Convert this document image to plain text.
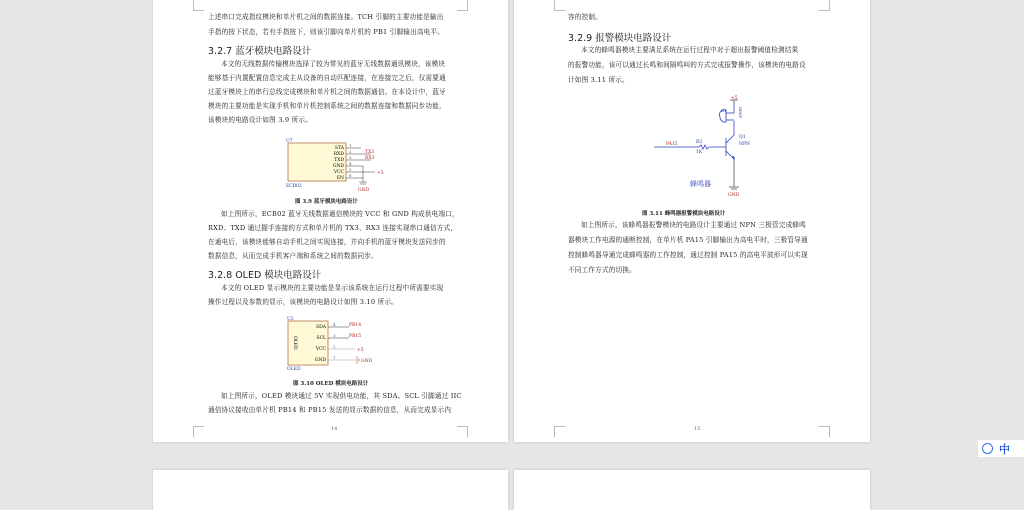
上述串口完成指纹模块和单片机之间的数据连接。TCH 引脚的主要功能是输出
手指的按下状态，若有手指按下，则该引脚向单片机的 PB1 引脚输出高电平。
3.2.7 蓝牙模块电路设计
本文的无线数据传输模块选择了较为常见的蓝牙无线数据通讯模块，该模块
能够基于内置配置信息完成主从设备的自动匹配连接，在连接完之后，仅需要通
过蓝牙模块上的串行总线完成模块和单片机之间的数据通信。在本设计中，蓝牙
模块的主要功能是实现手机和单片机控制系统之间的数据连接和数据同步功能，
该模块的电路设计如图 3.9 所示。
U7
ECB02
STA
RXD
TXD
GND
VCC
EN
1
2
3
4
5
6
TX3
RX3
+5
GND
图 3.9 蓝牙模块电路设计
如上图所示，ECB02 蓝牙无线数据通信模块的 VCC 和 GND 构成供电端口，
RXD、TXD 通过握手连接的方式和单片机的 TX3、RX3 连接实现串口通信方式，
在通电后，该模块能够自动手机之间实现连接，并向手机的蓝牙模块发送同步的
数据信息，从而完成手机客户端和系统之间的数据同步。
3.2.8 OLED 模块电路设计
本文的 OLED 显示模块的主要功能是显示该系统在运行过程中所需要实现
操作过程以及参数的显示，该模块的电路设计如图 3.10 所示。
U2
OLED
OLED
SDA
SCL
VCC
GND
4
3
2
1
PB14
PB15
+5
GND
图 3.10 OLED 模块电路设计
如上图所示，OLED 模块通过 5V 实现供电功能，其 SDA、SCL 引脚通过 IIC
通信协议接收由单片机 PB14 和 PB15 发送的显示数据的信息，从而完成显示内
14
容的控制。
3.2.9 报警模块电路设计
本文的蜂鸣器模块主要满足系统在运行过程中对于超出报警阈值检测结果
的报警功能，该可以通过长鸣和间隔鸣叫的方式完成报警操作，该模块的电路设
计如图 3.11 所示。
+5
B1	BEEP
Q1
NPN
PA15	R2
1K
蜂鸣器
GND
图 3.11 蜂鸣器报警模块电路设计
如上图所示，该蜂鸣器报警模块的电路设计主要通过 NPN 三极管完成蜂鸣
器模块工作电源的通断控制，在单片机 PA15 引脚输出为高电平时，三极管导通
控制蜂鸣器导通完成蜂鸣器的工作控制，通过控制 PA15 的高电平波形可以实现
不同工作方式的切换。
15
中
